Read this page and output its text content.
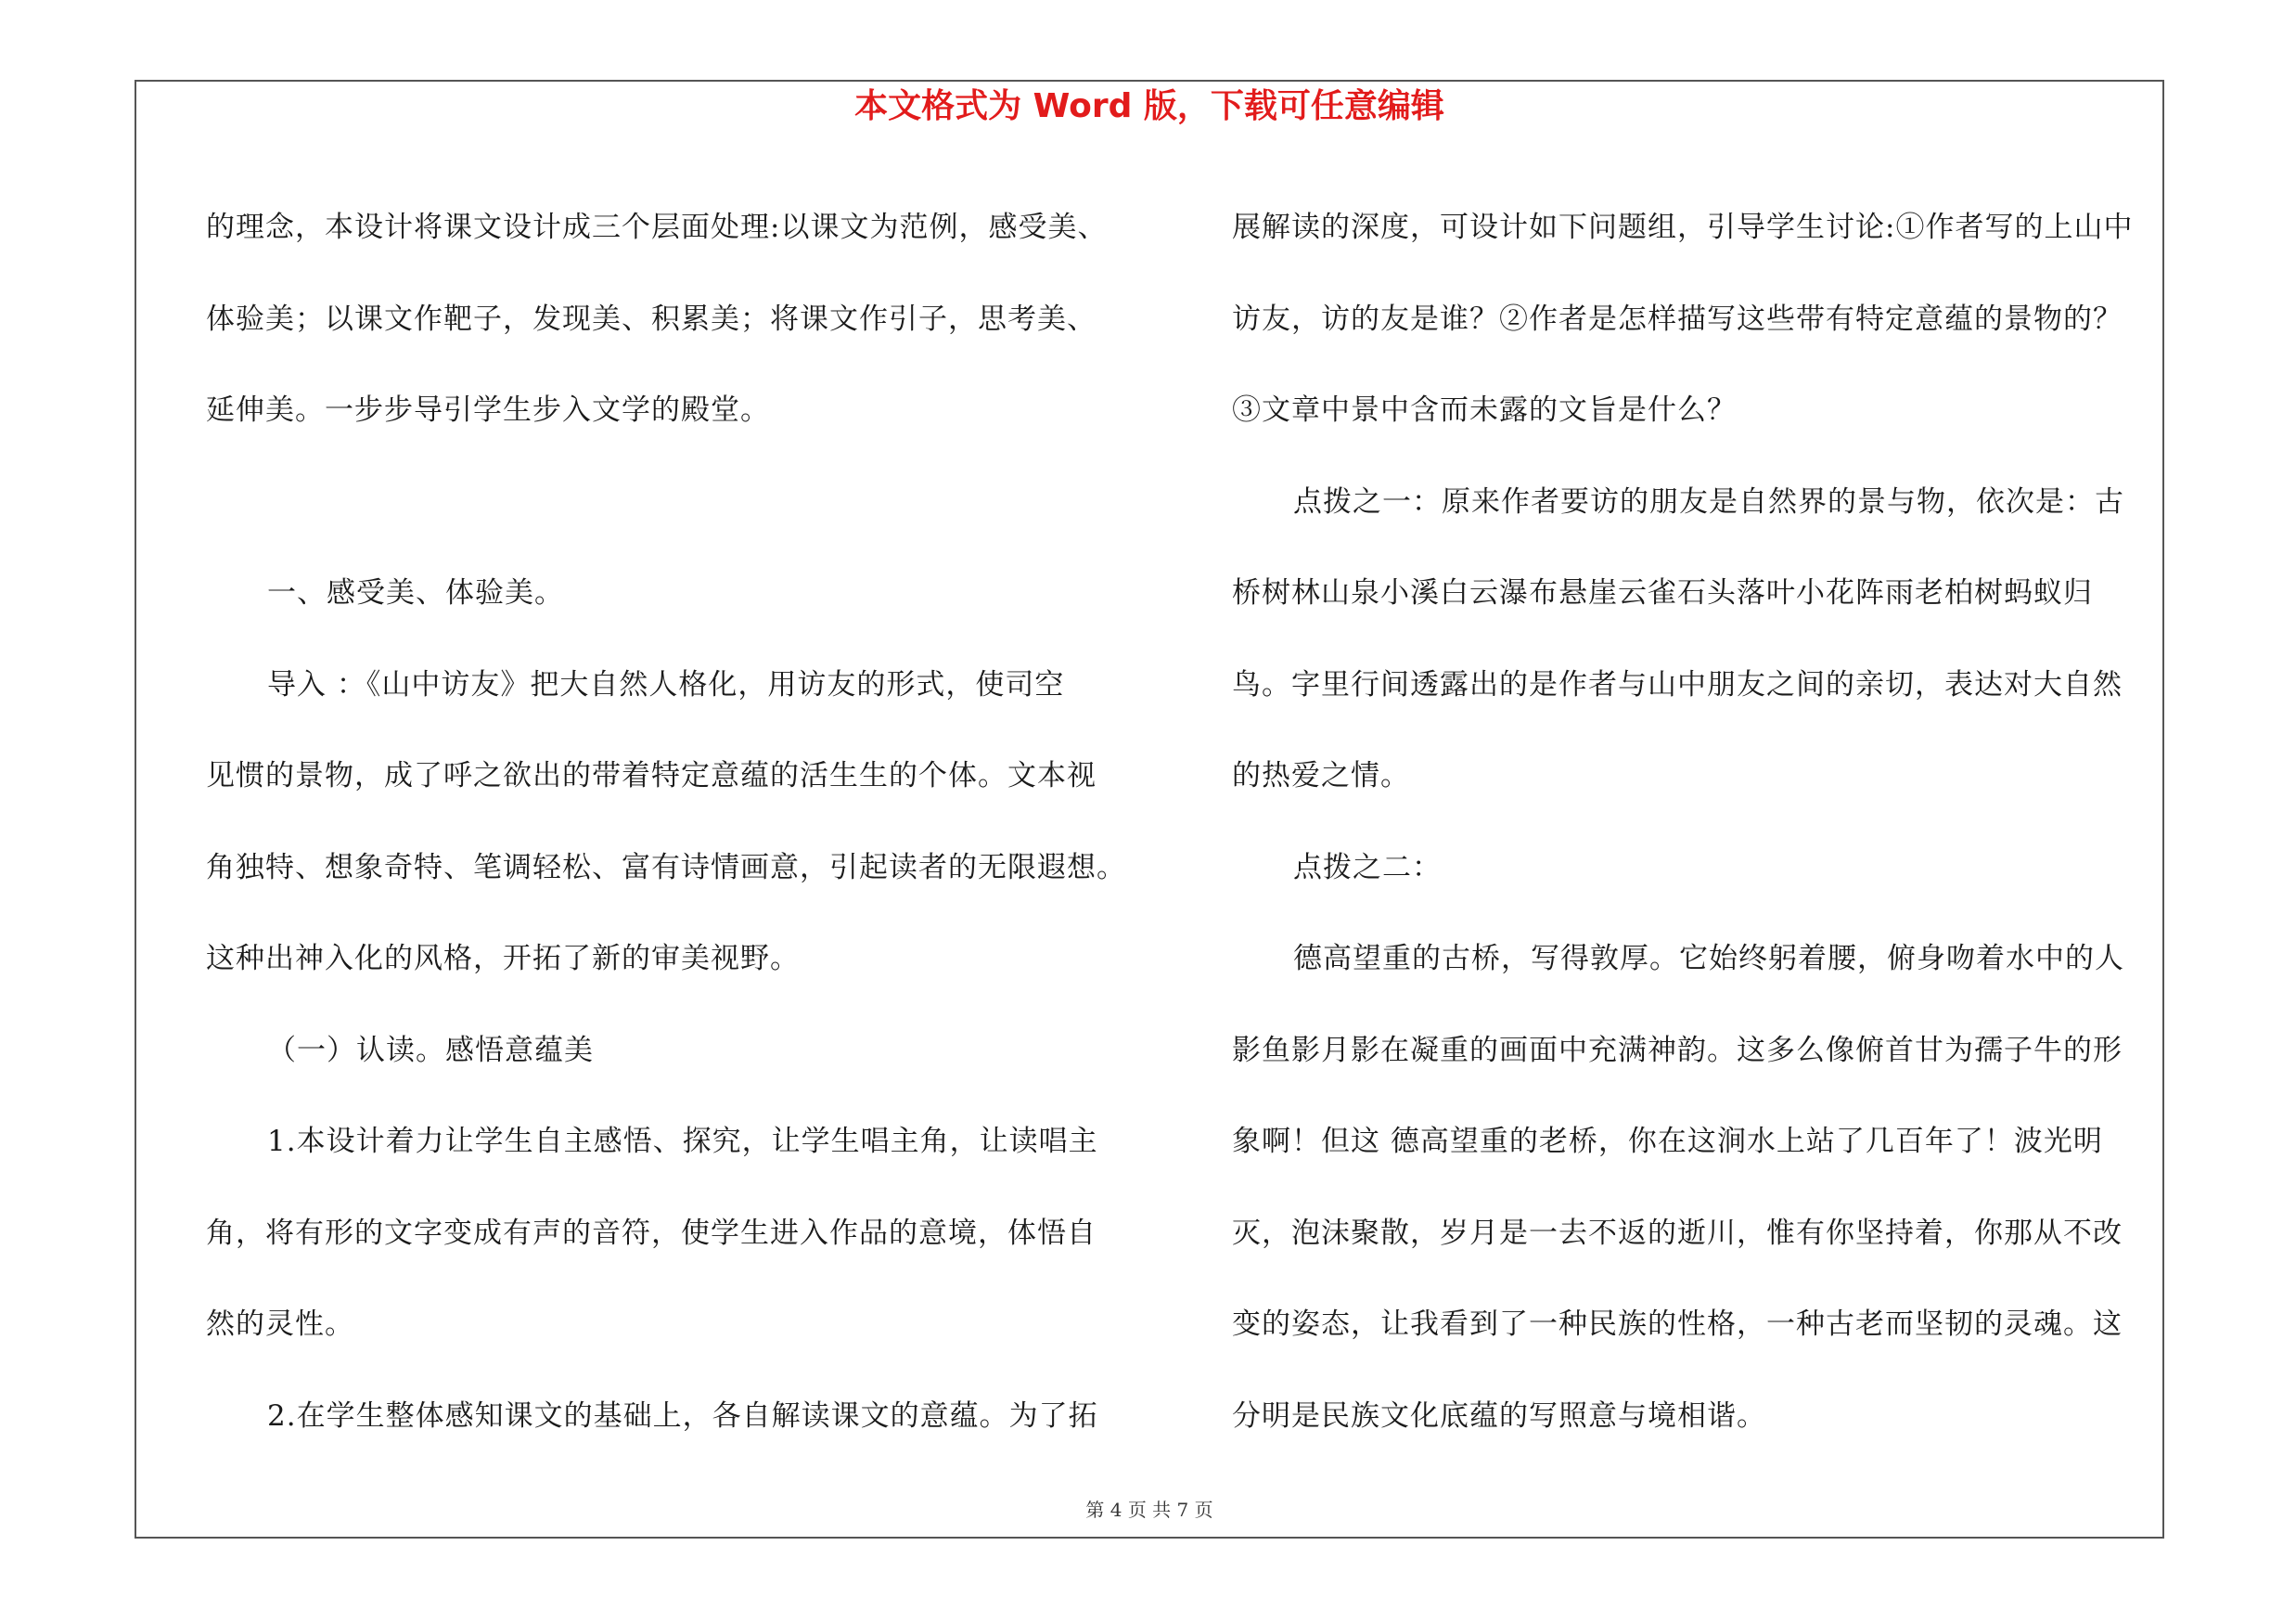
本文格式为 Word 版，下载可任意编辑

的理念，本设计将课文设计成三个层面处理:以课文为范例，感受美、

体验美；以课文作靶子，发现美、积累美；将课文作引子，思考美、

延伸美。一步步导引学生步入文学的殿堂。

一、感受美、体验美。

导入 ：《山中访友》把大自然人格化，用访友的形式，使司空

见惯的景物，成了呼之欲出的带着特定意蕴的活生生的个体。文本视

角独特、想象奇特、笔调轻松、富有诗情画意，引起读者的无限遐想。

这种出神入化的风格，开拓了新的审美视野。

（一）认读。感悟意蕴美

1.本设计着力让学生自主感悟、探究，让学生唱主角，让读唱主

角，将有形的文字变成有声的音符，使学生进入作品的意境，体悟自

然的灵性。

2.在学生整体感知课文的基础上，各自解读课文的意蕴。为了拓

展解读的深度，可设计如下问题组，引导学生讨论:①作者写的上山中

访友，访的友是谁？②作者是怎样描写这些带有特定意蕴的景物的？

③文章中景中含而未露的文旨是什么？

点拨之一：原来作者要访的朋友是自然界的景与物，依次是：古

桥树林山泉小溪白云瀑布悬崖云雀石头落叶小花阵雨老柏树蚂蚁归

鸟。字里行间透露出的是作者与山中朋友之间的亲切，表达对大自然

的热爱之情。

点拨之二：

德高望重的古桥，写得敦厚。它始终躬着腰，俯身吻着水中的人

影鱼影月影在凝重的画面中充满神韵。这多么像俯首甘为孺子牛的形

象啊！但这 德高望重的老桥，你在这涧水上站了几百年了！波光明

灭，泡沫聚散，岁月是一去不返的逝川，惟有你坚持着，你那从不改

变的姿态，让我看到了一种民族的性格，一种古老而坚韧的灵魂。这

分明是民族文化底蕴的写照意与境相谐。

第 4 页 共 7 页
